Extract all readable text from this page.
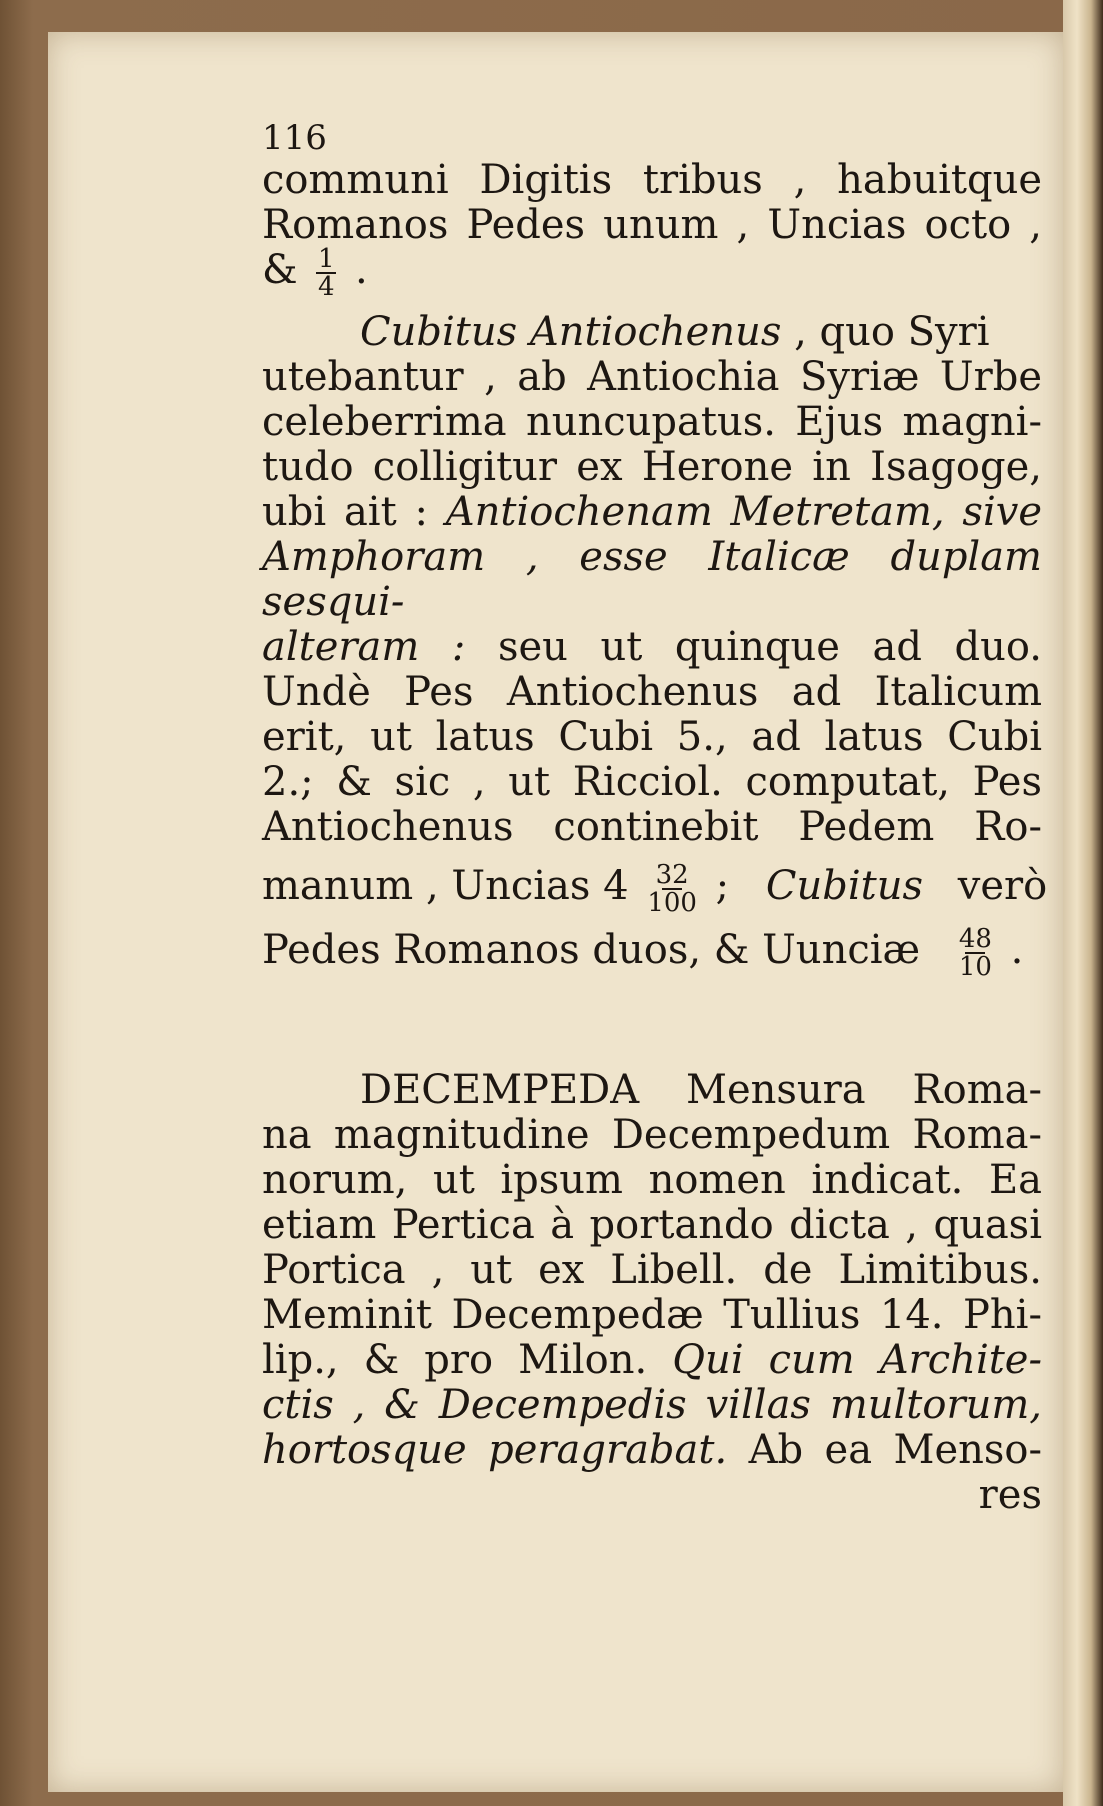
116
communi Digitis tribus , habuitque
Romanos Pedes unum , Uncias octo ,
& $\frac{1}{4}$ .
Cubitus Antiochenus , quo Syri
utebantur , ab Antiochia Syriæ Urbe
celeberrima nuncupatus. Ejus magni-
tudo colligitur ex Herone in Isagoge,
ubi ait : Antiochenam Metretam, sive
Amphoram , esse Italicæ duplam sesqui-
alteram : seu ut quinque ad duo.
Undè Pes Antiochenus ad Italicum
erit, ut latus Cubi 5., ad latus Cubi
2.; & sic , ut Ricciol. computat, Pes
Antiochenus continebit Pedem Ro-
manum , Uncias $4 \frac{32}{100}$ ; Cubitus verò
Pedes Romanos duos, & Uunciæ $\frac{48}{10}$ .
DECEMPEDA Mensura Roma-
na magnitudine Decempedum Roma-
norum, ut ipsum nomen indicat. Ea
etiam Pertica à portando dicta , quasi
Portica , ut ex Libell. de Limitibus.
Meminit Decempedæ Tullius 14. Phi-
lip., & pro Milon. Qui cum Archite-
ctis , & Decempedis villas multorum,
hortosque peragrabat. Ab ea Menso-
res
